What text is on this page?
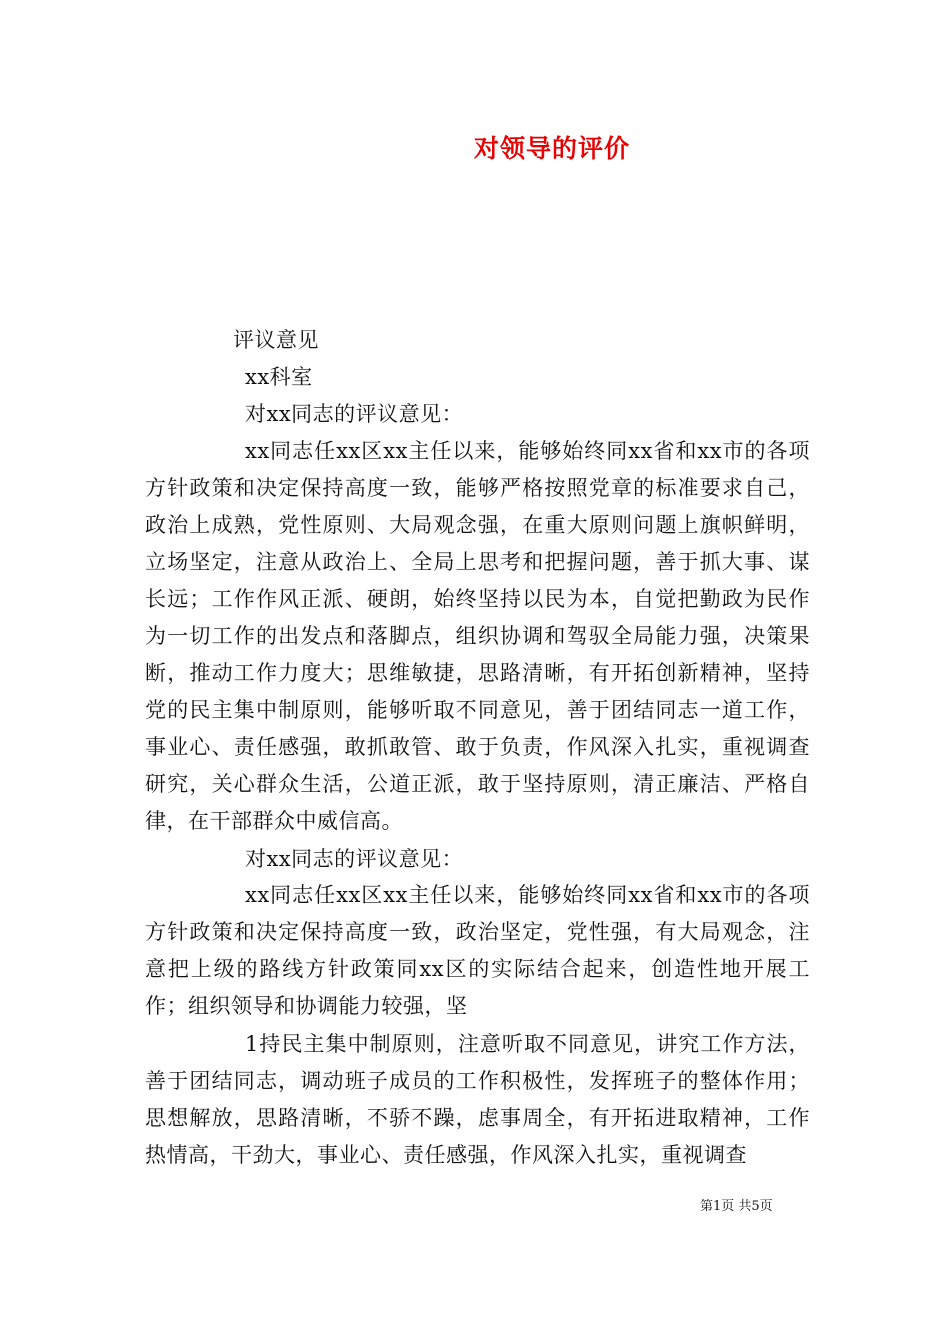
对领导的评价
评议意见
xx科室
对xx同志的评议意见：
xx同志任xx区xx主任以来，能够始终同xx省和xx市的各项方针政策和决定保持高度一致，能够严格按照党章的标准要求自己，政治上成熟，党性原则、大局观念强，在重大原则问题上旗帜鲜明，立场坚定，注意从政治上、全局上思考和把握问题，善于抓大事、谋长远；工作作风正派、硬朗，始终坚持以民为本，自觉把勤政为民作为一切工作的出发点和落脚点，组织协调和驾驭全局能力强，决策果断，推动工作力度大；思维敏捷，思路清晰，有开拓创新精神，坚持党的民主集中制原则，能够听取不同意见，善于团结同志一道工作，事业心、责任感强，敢抓敢管、敢于负责，作风深入扎实，重视调查研究，关心群众生活，公道正派，敢于坚持原则，清正廉洁、严格自律，在干部群众中威信高。
对xx同志的评议意见：
xx同志任xx区xx主任以来，能够始终同xx省和xx市的各项方针政策和决定保持高度一致，政治坚定，党性强，有大局观念，注意把上级的路线方针政策同xx区的实际结合起来，创造性地开展工作；组织领导和协调能力较强，坚
1持民主集中制原则，注意听取不同意见，讲究工作方法，善于团结同志，调动班子成员的工作积极性，发挥班子的整体作用；思想解放，思路清晰，不骄不躁，虑事周全，有开拓进取精神，工作热情高，干劲大，事业心、责任感强，作风深入扎实，重视调查
第1页 共5页
